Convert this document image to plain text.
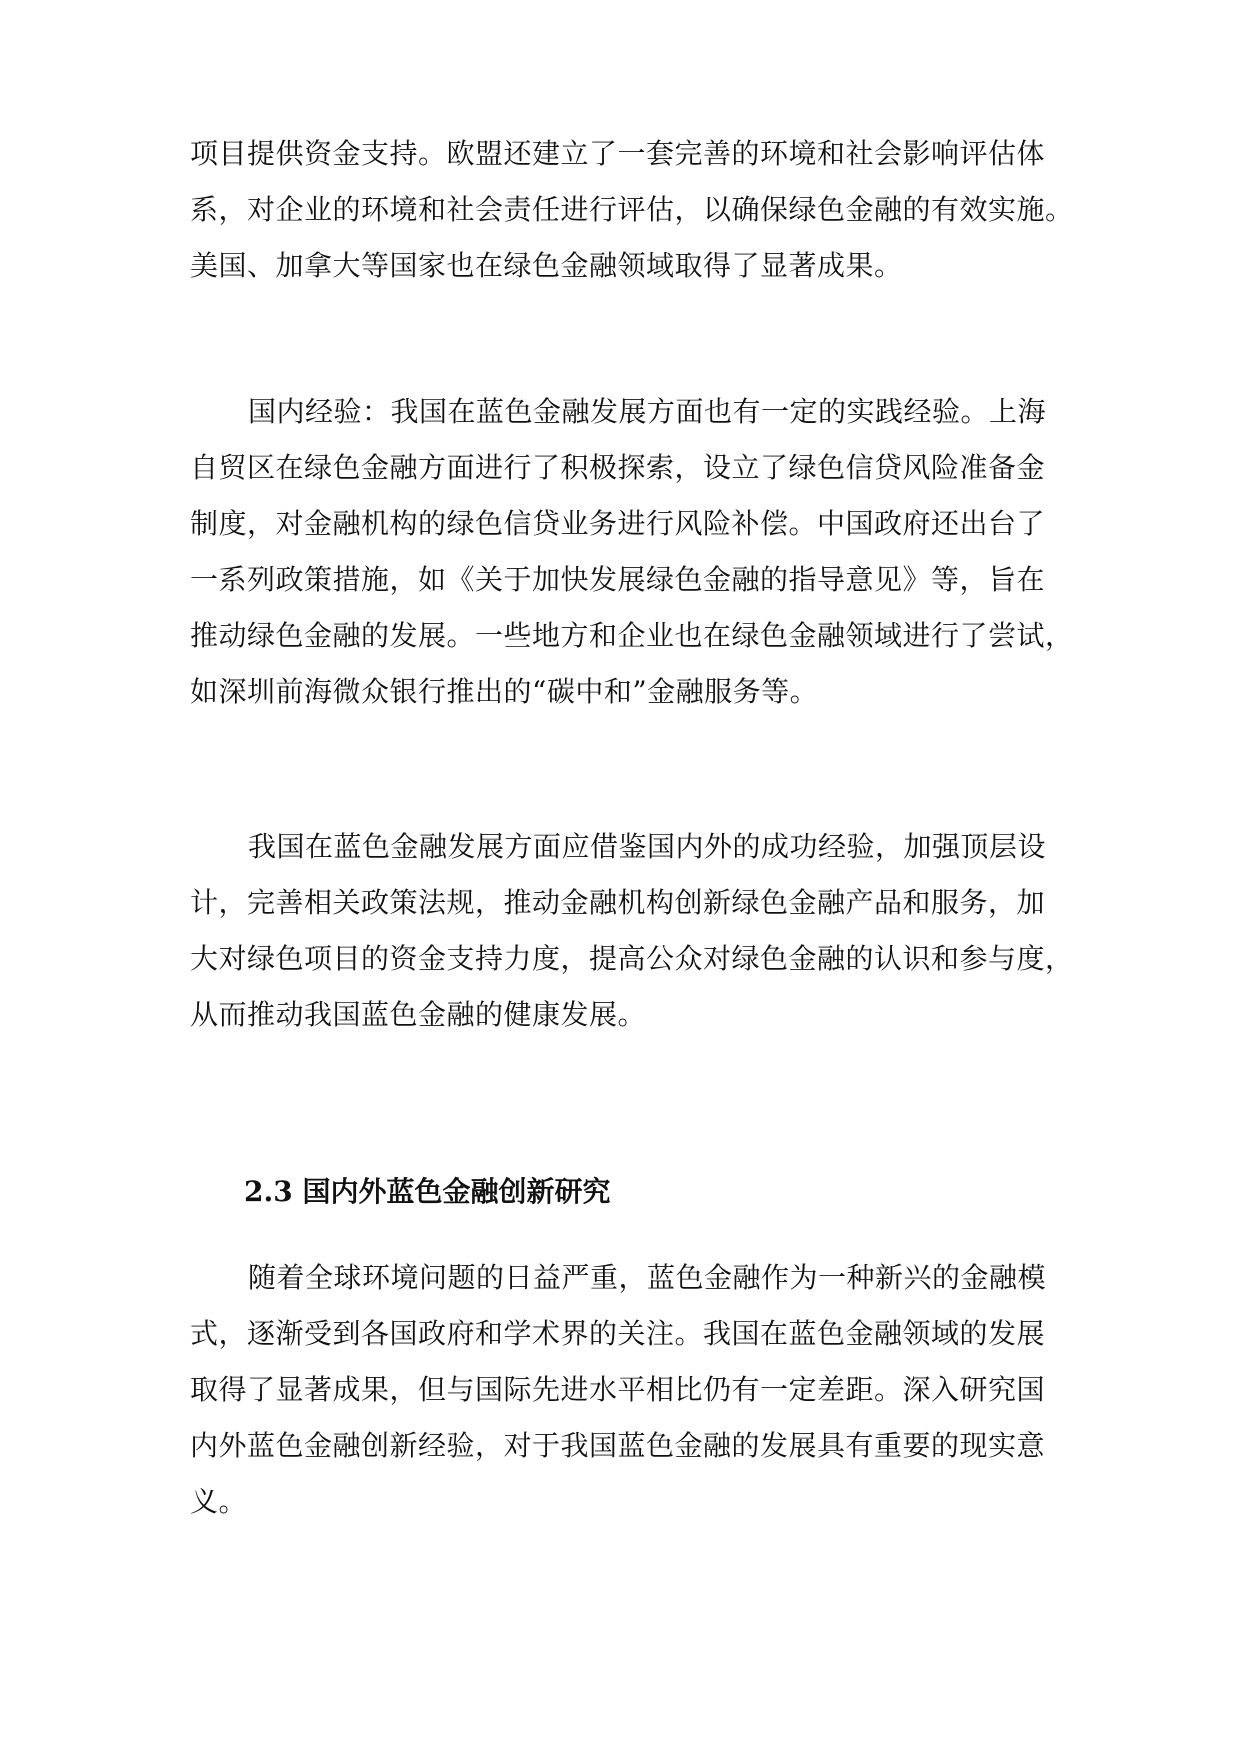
项目提供资金支持。欧盟还建立了一套完善的环境和社会影响评估体
系，对企业的环境和社会责任进行评估，以确保绿色金融的有效实施。
美国、加拿大等国家也在绿色金融领域取得了显著成果。
国内经验：我国在蓝色金融发展方面也有一定的实践经验。上海
自贸区在绿色金融方面进行了积极探索，设立了绿色信贷风险准备金
制度，对金融机构的绿色信贷业务进行风险补偿。中国政府还出台了
一系列政策措施，如《关于加快发展绿色金融的指导意见》等，旨在
推动绿色金融的发展。一些地方和企业也在绿色金融领域进行了尝试，
如深圳前海微众银行推出的“碳中和”金融服务等。
我国在蓝色金融发展方面应借鉴国内外的成功经验，加强顶层设
计，完善相关政策法规，推动金融机构创新绿色金融产品和服务，加
大对绿色项目的资金支持力度，提高公众对绿色金融的认识和参与度，
从而推动我国蓝色金融的健康发展。
2.3 国内外蓝色金融创新研究
随着全球环境问题的日益严重，蓝色金融作为一种新兴的金融模
式，逐渐受到各国政府和学术界的关注。我国在蓝色金融领域的发展
取得了显著成果，但与国际先进水平相比仍有一定差距。深入研究国
内外蓝色金融创新经验，对于我国蓝色金融的发展具有重要的现实意
义。
